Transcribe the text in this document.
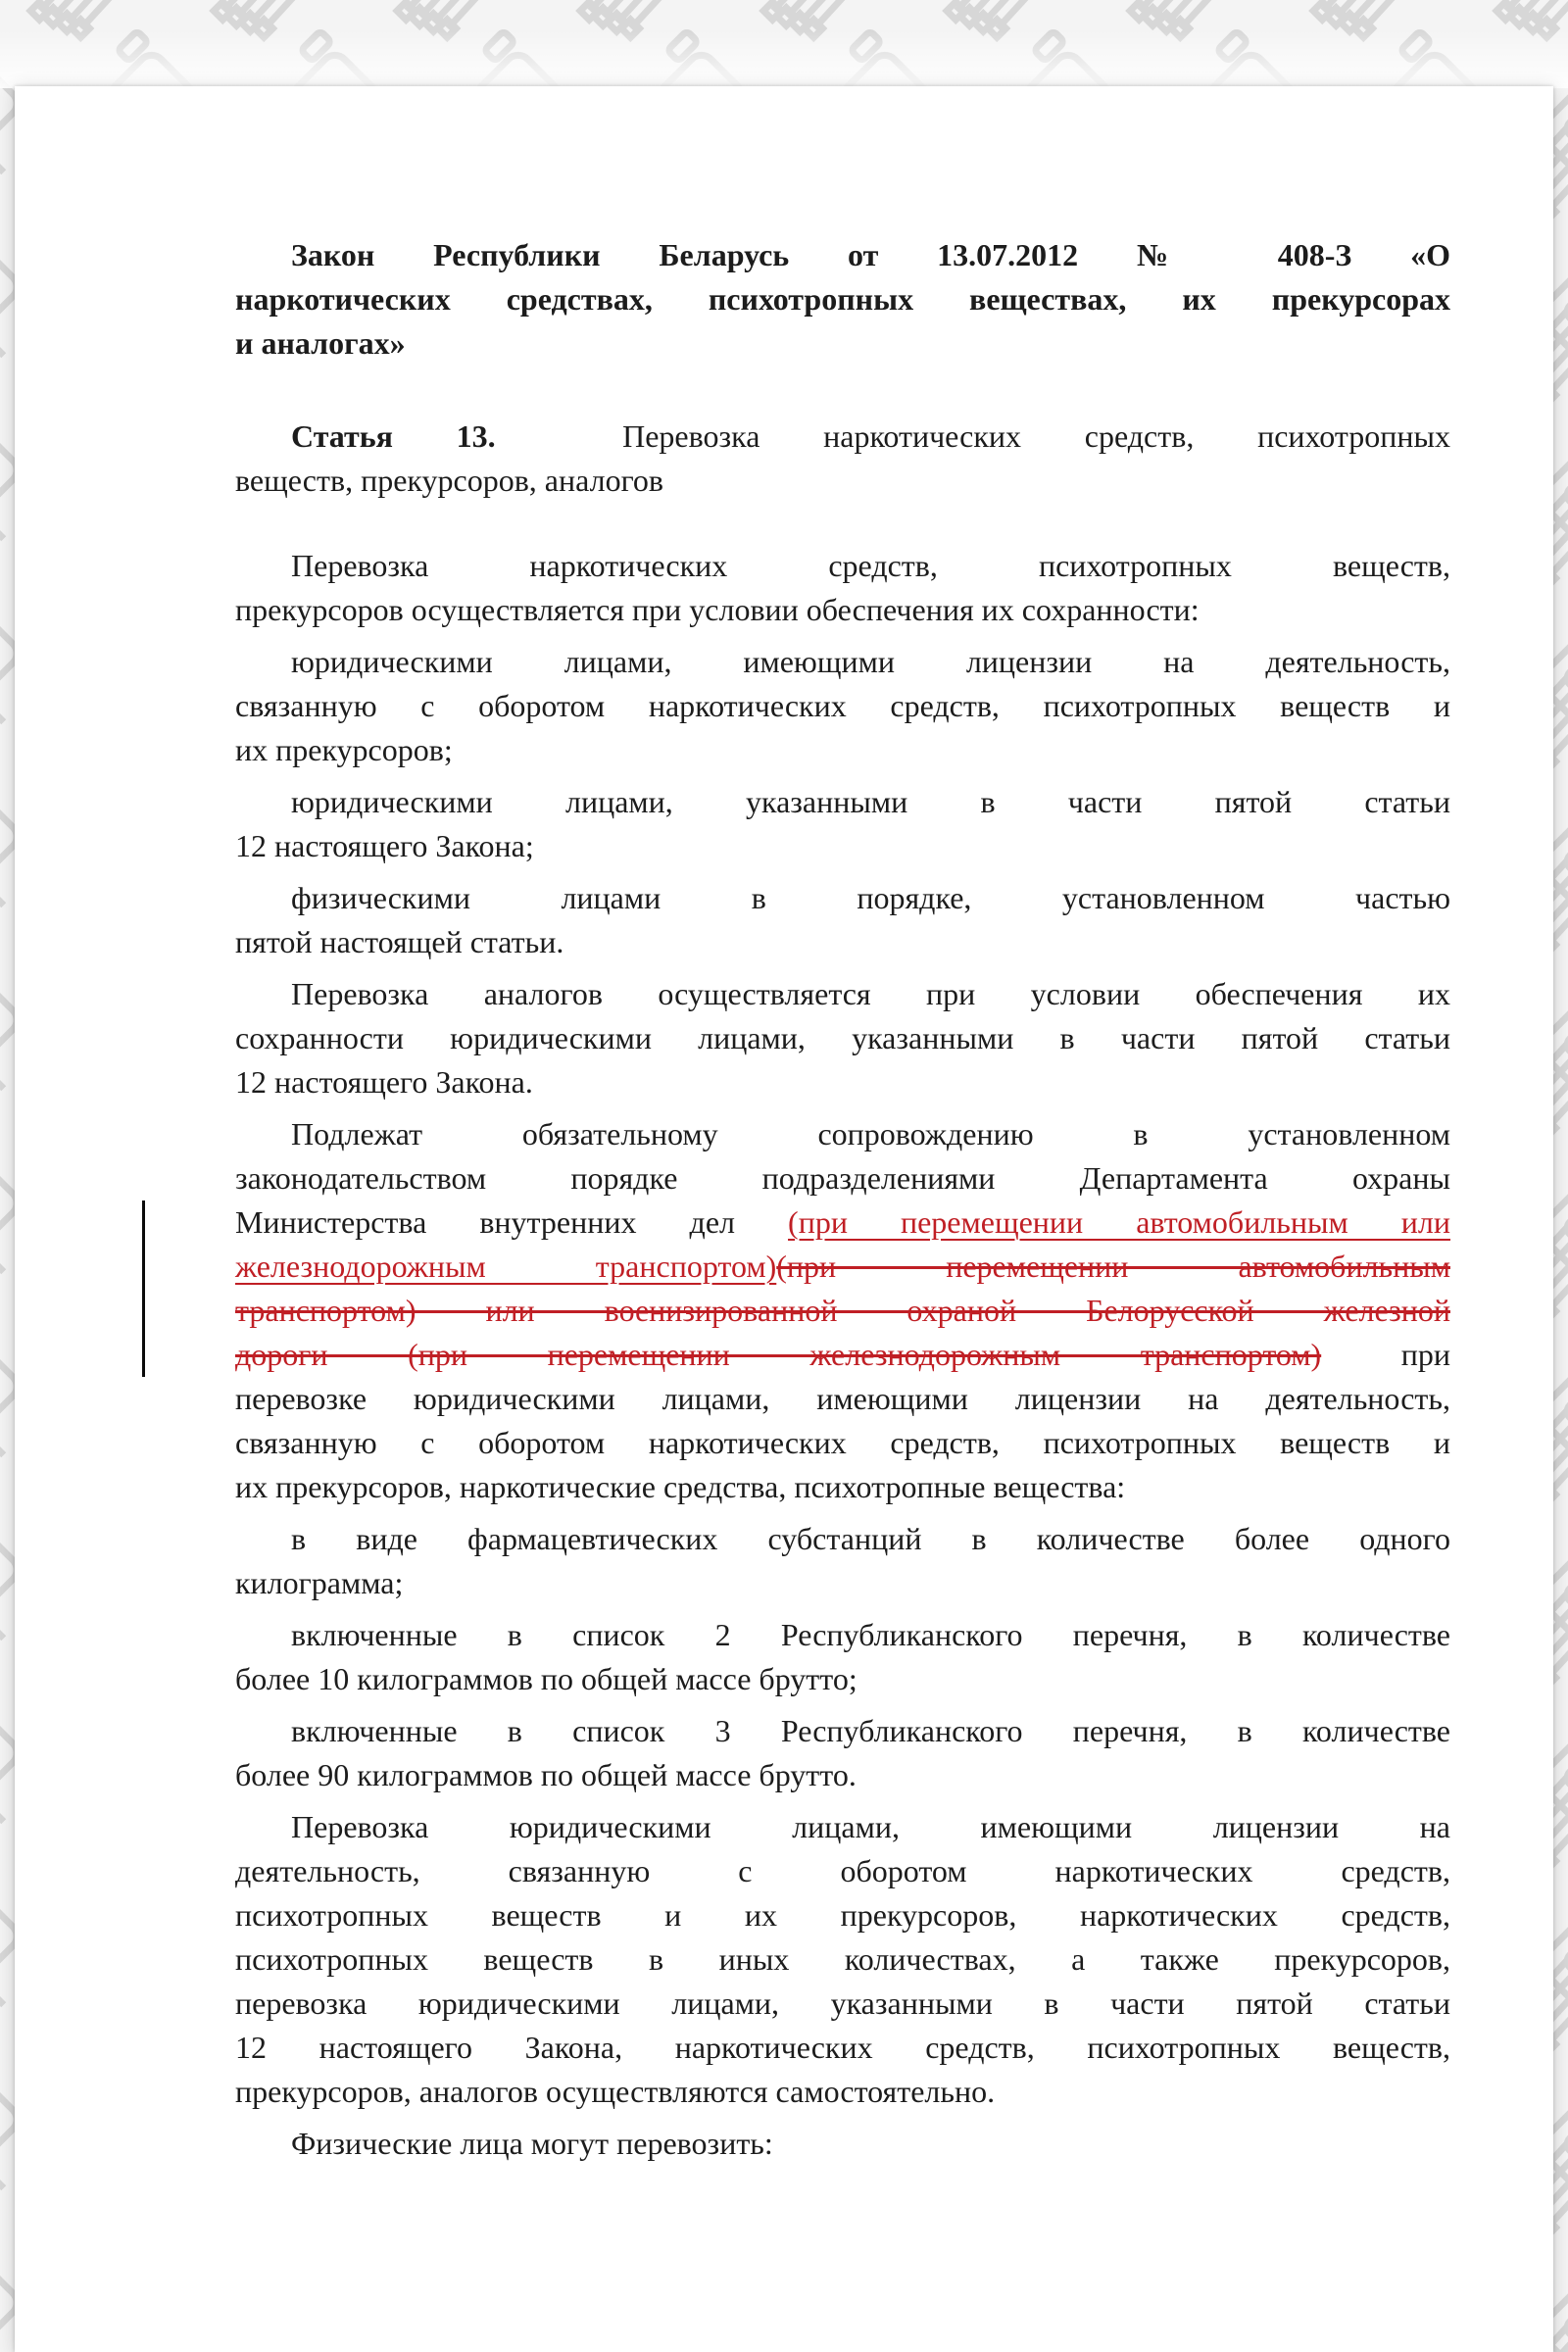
Закон Республики Беларусь от 13.07.2012 № 408-З «О
наркотических средствах, психотропных веществах, их прекурсорах
и аналогах»
Статья 13.  Перевозка наркотических средств, психотропных
веществ, прекурсоров, аналогов
Перевозка наркотических средств, психотропных веществ,
прекурсоров осуществляется при условии обеспечения их сохранности:
юридическими лицами, имеющими лицензии на деятельность,
связанную с оборотом наркотических средств, психотропных веществ и
их прекурсоров;
юридическими лицами, указанными в части пятой статьи
12 настоящего Закона;
физическими лицами в порядке, установленном частью
пятой настоящей статьи.
Перевозка аналогов осуществляется при условии обеспечения их
сохранности юридическими лицами, указанными в части пятой статьи
12 настоящего Закона.
Подлежат обязательному сопровождению в установленном
законодательством порядке подразделениями Департамента охраны
Министерства внутренних дел (при перемещении автомобильным или
железнодорожным транспортом)(при перемещении автомобильным
транспортом) или военизированной охраной Белорусской железной
дороги (при перемещении железнодорожным транспортом) при
перевозке юридическими лицами, имеющими лицензии на деятельность,
связанную с оборотом наркотических средств, психотропных веществ и
их прекурсоров, наркотические средства, психотропные вещества:
в виде фармацевтических субстанций в количестве более одного
килограмма;
включенные в список 2 Республиканского перечня, в количестве
более 10 килограммов по общей массе брутто;
включенные в список 3 Республиканского перечня, в количестве
более 90 килограммов по общей массе брутто.
Перевозка юридическими лицами, имеющими лицензии на
деятельность, связанную с оборотом наркотических средств,
психотропных веществ и их прекурсоров, наркотических средств,
психотропных веществ в иных количествах, а также прекурсоров,
перевозка юридическими лицами, указанными в части пятой статьи
12 настоящего Закона, наркотических средств, психотропных веществ,
прекурсоров, аналогов осуществляются самостоятельно.
Физические лица могут перевозить:
